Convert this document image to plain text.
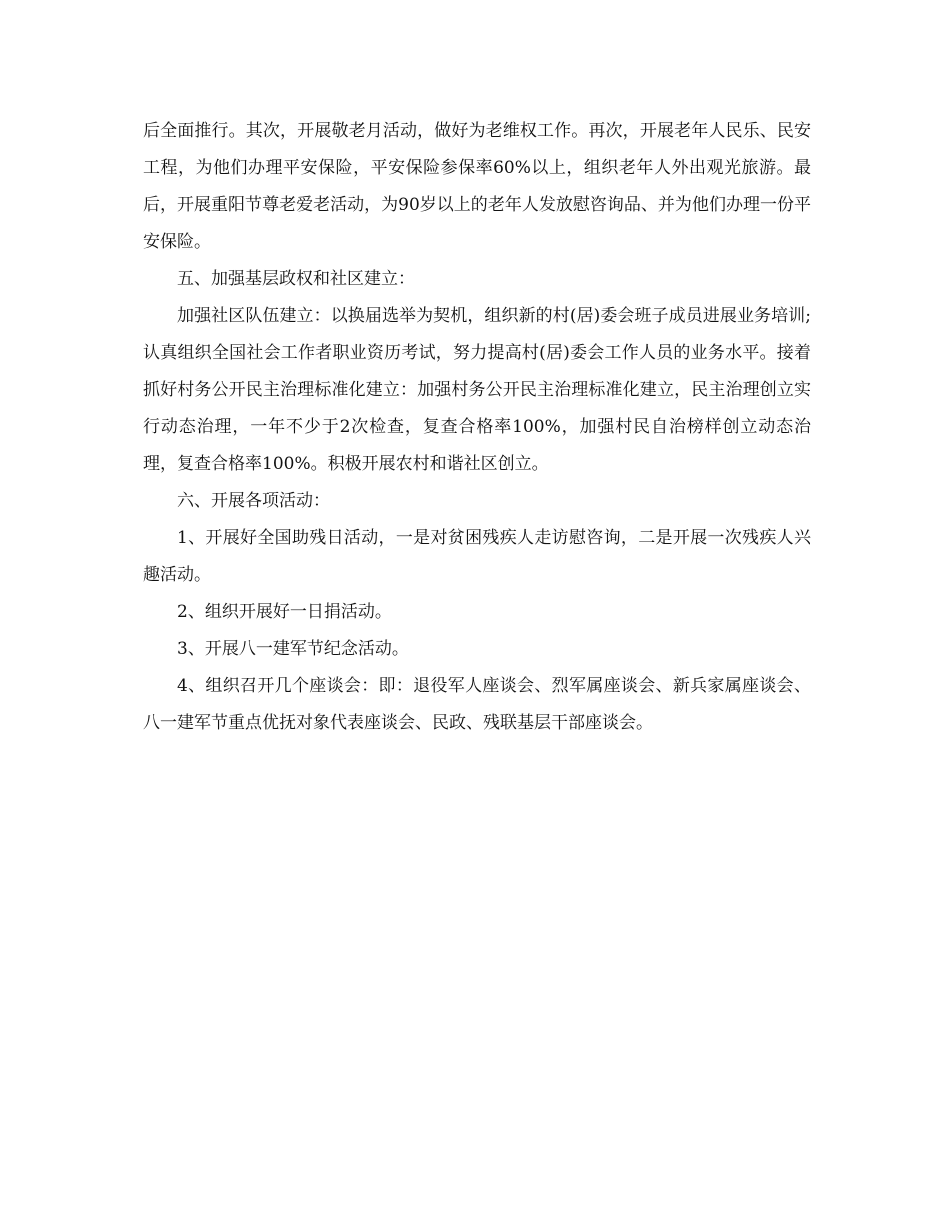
后全面推行。其次，开展敬老月活动，做好为老维权工作。再次，开展老年人民乐、民安工程，为他们办理平安保险，平安保险参保率60%以上，组织老年人外出观光旅游。最后，开展重阳节尊老爱老活动，为90岁以上的老年人发放慰咨询品、并为他们办理一份平安保险。

五、加强基层政权和社区建立：

加强社区队伍建立：以换届选举为契机，组织新的村(居)委会班子成员进展业务培训;认真组织全国社会工作者职业资历考试，努力提高村(居)委会工作人员的业务水平。接着抓好村务公开民主治理标准化建立：加强村务公开民主治理标准化建立，民主治理创立实行动态治理，一年不少于2次检查，复查合格率100%，加强村民自治榜样创立动态治理，复查合格率100%。积极开展农村和谐社区创立。

六、开展各项活动：

1、开展好全国助残日活动，一是对贫困残疾人走访慰咨询，二是开展一次残疾人兴趣活动。

2、组织开展好一日捐活动。

3、开展八一建军节纪念活动。

4、组织召开几个座谈会：即：退役军人座谈会、烈军属座谈会、新兵家属座谈会、八一建军节重点优抚对象代表座谈会、民政、残联基层干部座谈会。
